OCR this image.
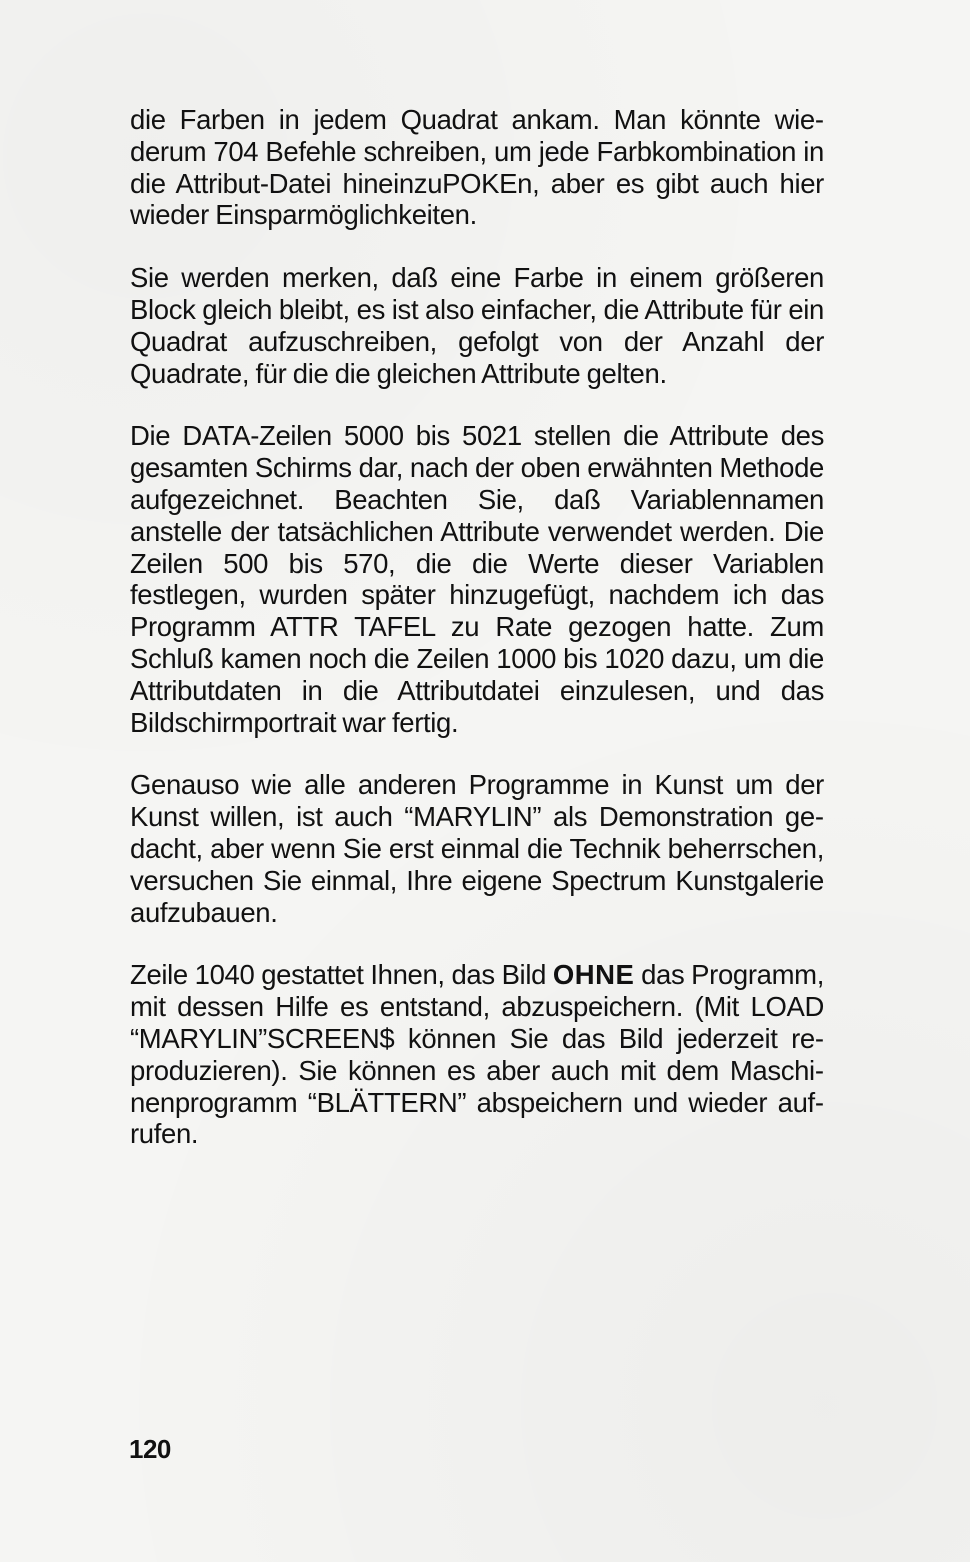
die Farben in jedem Quadrat ankam. Man könnte wiederum 704 Befehle schreiben, um jede Farbkombination in die Attribut-Datei hineinzuPOKEn, aber es gibt auch hier wieder Einsparmöglichkeiten.

Sie werden merken, daß eine Farbe in einem größeren Block gleich bleibt, es ist also einfacher, die Attribute für ein Quadrat aufzuschreiben, gefolgt von der Anzahl der Quadrate, für die die gleichen Attribute gelten.

Die DATA-Zeilen 5000 bis 5021 stellen die Attribute des gesamten Schirms dar, nach der oben erwähnten Methode aufgezeichnet. Beachten Sie, daß Variablennamen anstelle der tatsächlichen Attribute verwendet werden. Die Zeilen 500 bis 570, die die Werte dieser Variablen festlegen, wurden später hinzugefügt, nachdem ich das Programm ATTR TAFEL zu Rate gezogen hatte. Zum Schluß kamen noch die Zeilen 1000 bis 1020 dazu, um die Attributdaten in die Attributdatei einzulesen, und das Bildschirmportrait war fertig.

Genauso wie alle anderen Programme in Kunst um der Kunst willen, ist auch “MARYLIN” als Demonstration gedacht, aber wenn Sie erst einmal die Technik beherrschen, versuchen Sie einmal, Ihre eigene Spectrum Kunstgalerie aufzubauen.

Zeile 1040 gestattet Ihnen, das Bild OHNE das Programm, mit dessen Hilfe es entstand, abzuspeichern. (Mit LOAD “MARYLIN”SCREEN$ können Sie das Bild jederzeit reproduzieren). Sie können es aber auch mit dem Maschinenprogramm “BLÄTTERN” abspeichern und wieder aufrufen.

120
